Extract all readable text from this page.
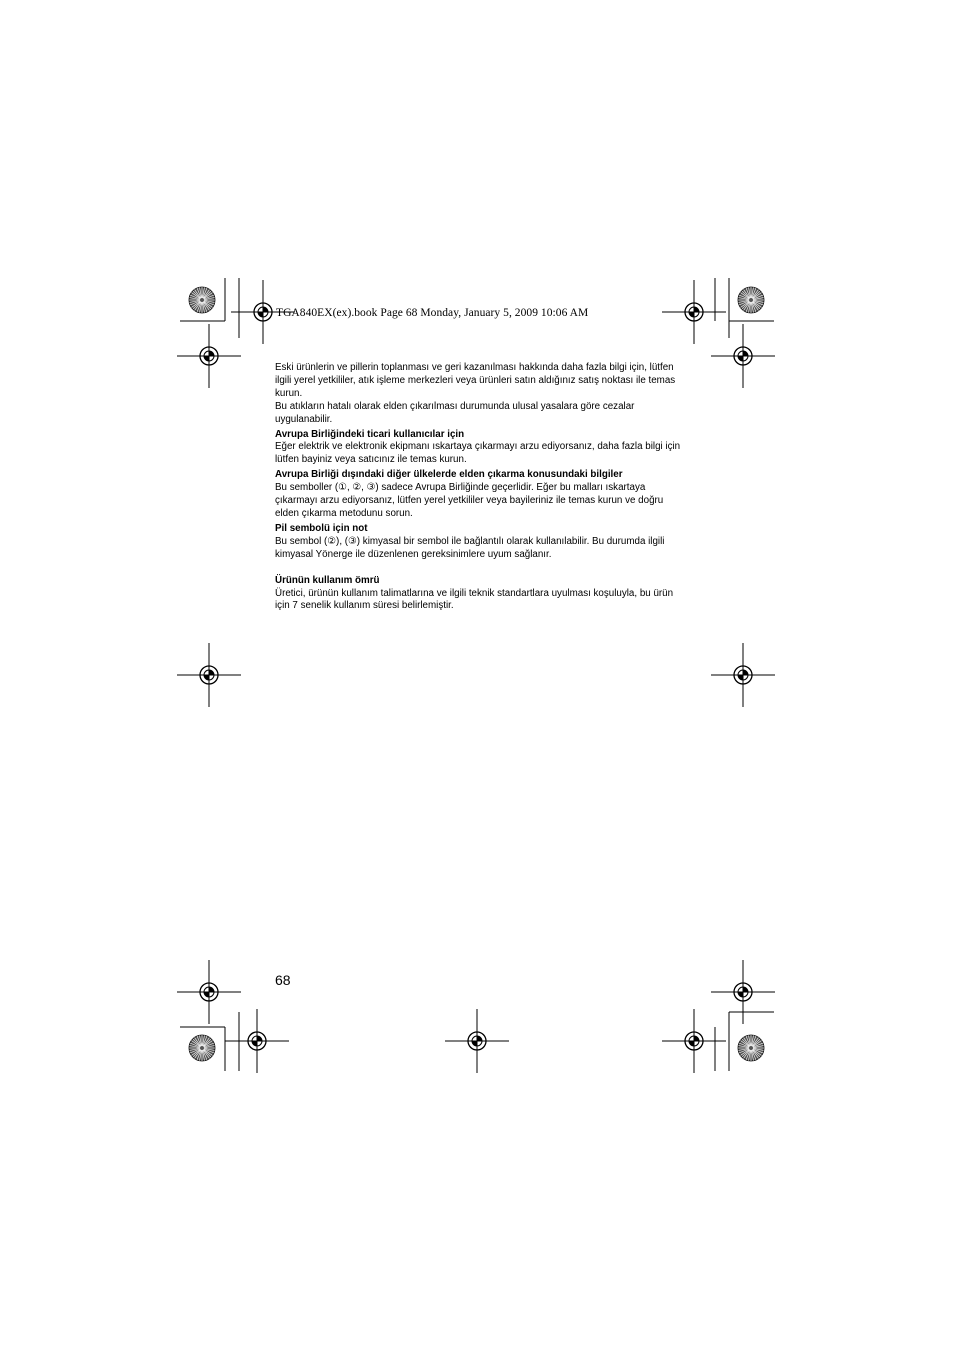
TGA840EX(ex).book Page 68 Monday, January 5, 2009 10:06 AM

Eski ürünlerin ve pillerin toplanması ve geri kazanılması hakkında daha fazla bilgi için, lütfen ilgili yerel yetkililer, atık işleme merkezleri veya ürünleri satın aldığınız satış noktası ile temas kurun.

Bu atıkların hatalı olarak elden çıkarılması durumunda ulusal yasalara göre cezalar uygulanabilir.

Avrupa Birliğindeki ticari kullanıcılar için

Eğer elektrik ve elektronik ekipmanı ıskartaya çıkarmayı arzu ediyorsanız, daha fazla bilgi için lütfen bayiniz veya satıcınız ile temas kurun.

Avrupa Birliği dışındaki diğer ülkelerde elden çıkarma konusundaki bilgiler

Bu semboller (①, ②, ③) sadece Avrupa Birliğinde geçerlidir. Eğer bu malları ıskartaya çıkarmayı arzu ediyorsanız, lütfen yerel yetkililer veya bayileriniz ile temas kurun ve doğru elden çıkarma metodunu sorun.

Pil sembolü için not

Bu sembol (②), (③) kimyasal bir sembol ile bağlantılı olarak kullanılabilir. Bu durumda ilgili kimyasal Yönerge ile düzenlenen gereksinimlere uyum sağlanır.

Ürünün kullanım ömrü

Üretici, ürünün kullanım talimatlarına ve ilgili teknik standartlara uyulması koşuluyla, bu ürün için 7 senelik kullanım süresi belirlemiştir.

68
